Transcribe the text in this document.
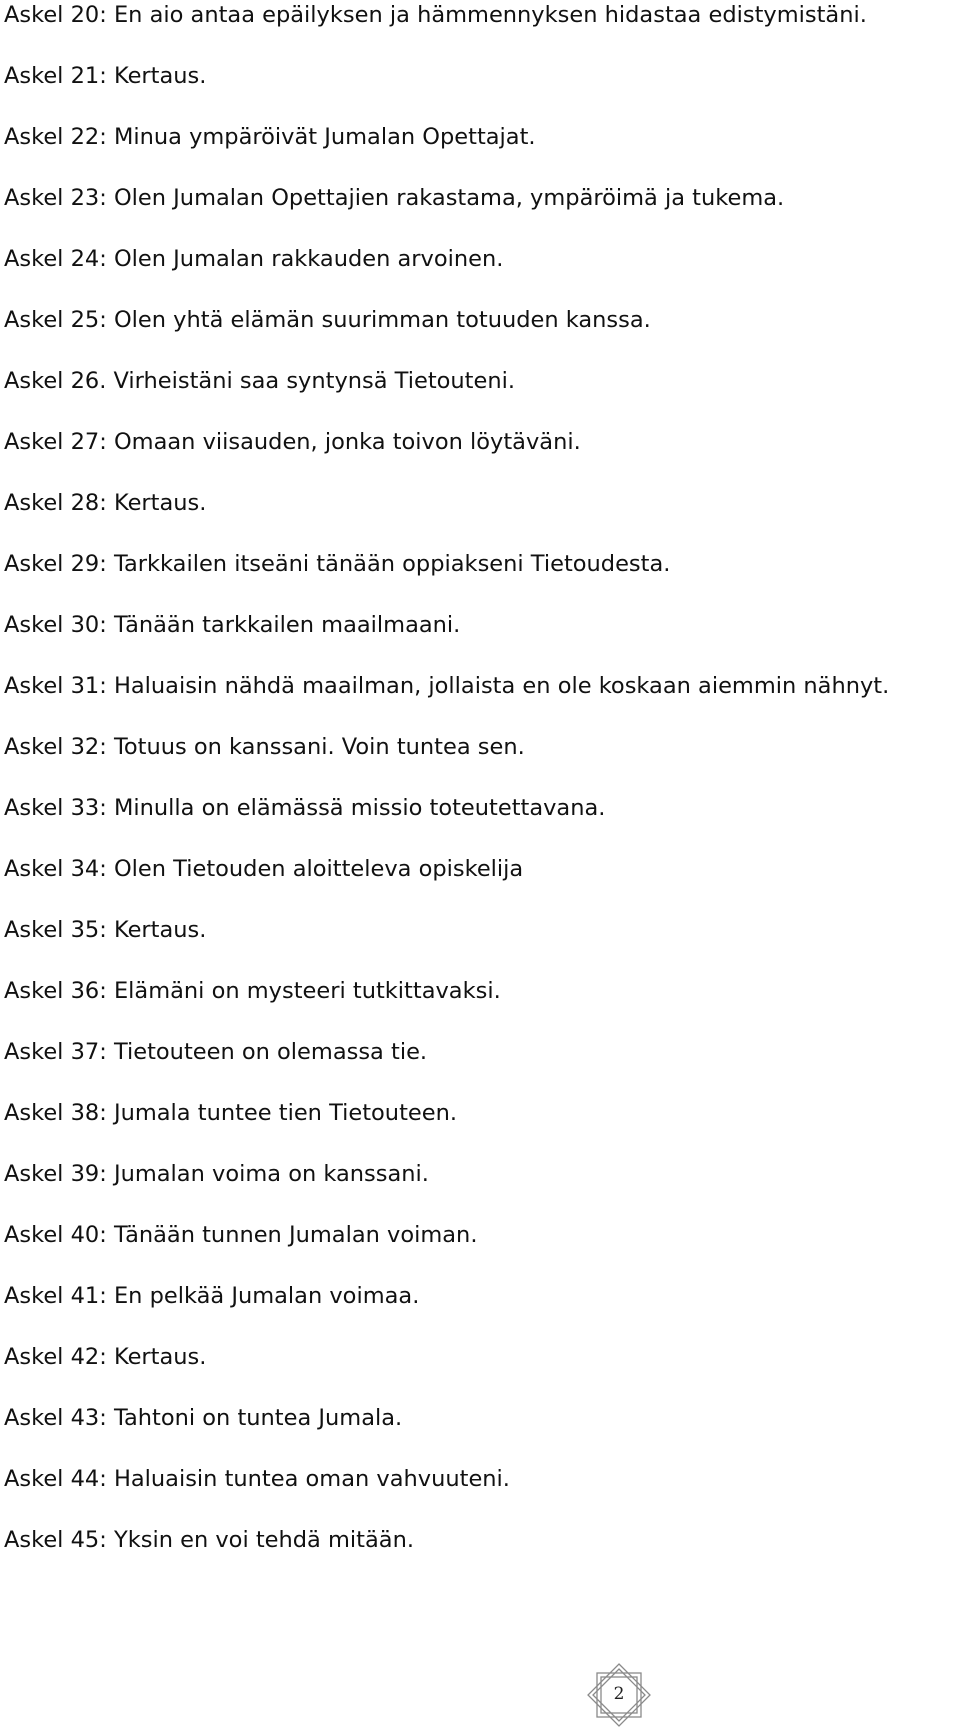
Askel 20: En aio antaa epäilyksen ja hämmennyksen hidastaa edistymistäni.
Askel 21: Kertaus.
Askel 22: Minua ympäröivät Jumalan Opettajat.
Askel 23: Olen Jumalan Opettajien rakastama, ympäröimä ja tukema.
Askel 24: Olen Jumalan rakkauden arvoinen.
Askel 25: Olen yhtä elämän suurimman totuuden kanssa.
Askel 26. Virheistäni saa syntynsä Tietouteni.
Askel 27: Omaan viisauden, jonka toivon löytäväni.
Askel 28: Kertaus.
Askel 29: Tarkkailen itseäni tänään oppiakseni Tietoudesta.
Askel 30: Tänään tarkkailen maailmaani.
Askel 31: Haluaisin nähdä maailman, jollaista en ole koskaan aiemmin nähnyt.
Askel 32: Totuus on kanssani. Voin tuntea sen.
Askel 33: Minulla on elämässä missio toteutettavana.
Askel 34: Olen Tietouden aloitteleva opiskelija
Askel 35: Kertaus.
Askel 36: Elämäni on mysteeri tutkittavaksi.
Askel 37: Tietouteen on olemassa tie.
Askel 38: Jumala tuntee tien Tietouteen.
Askel 39: Jumalan voima on kanssani.
Askel 40: Tänään tunnen Jumalan voiman.
Askel 41: En pelkää Jumalan voimaa.
Askel 42: Kertaus.
Askel 43: Tahtoni on tuntea Jumala.
Askel 44: Haluaisin tuntea oman vahvuuteni.
Askel 45: Yksin en voi tehdä mitään.
2
